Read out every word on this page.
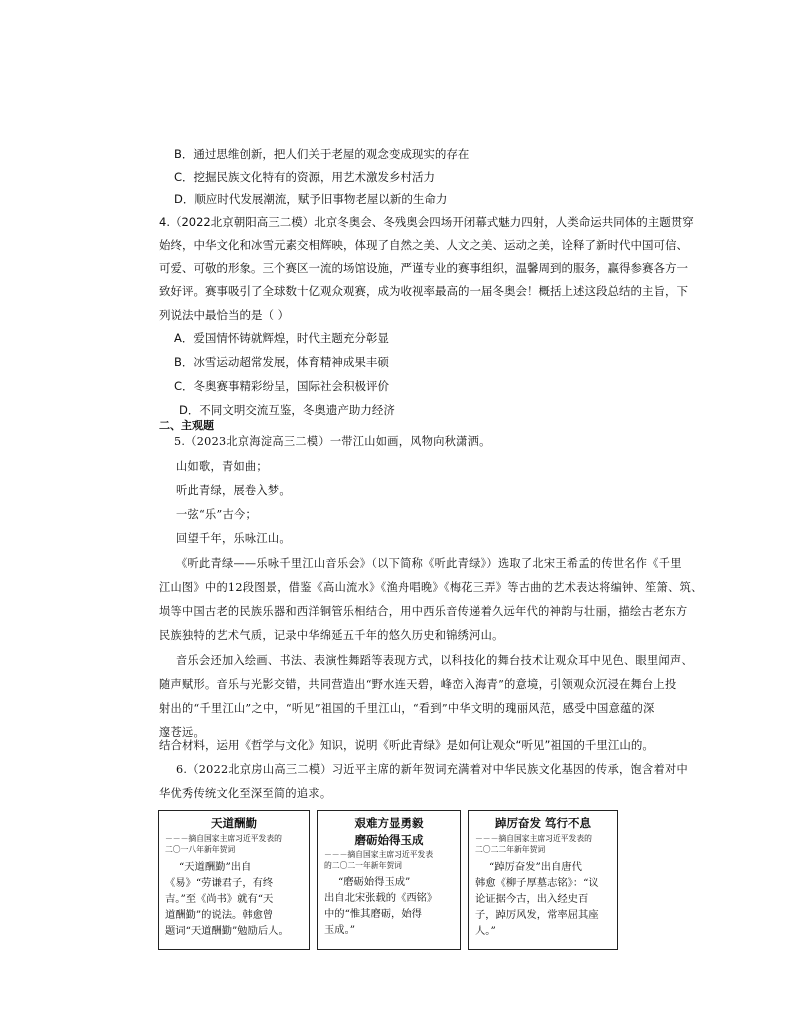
B．通过思维创新，把人们关于老屋的观念变成现实的存在
C．挖掘民族文化特有的资源，用艺术激发乡村活力
D．顺应时代发展潮流，赋予旧事物老屋以新的生命力
4.（2022北京朝阳高三二模）北京冬奥会、冬残奥会四场开闭幕式魅力四射，人类命运共同体的主题贯穿
始终，中华文化和冰雪元素交相辉映，体现了自然之美、人文之美、运动之美，诠释了新时代中国可信、
可爱、可敬的形象。三个赛区一流的场馆设施，严谨专业的赛事组织，温馨周到的服务，赢得参赛各方一
致好评。赛事吸引了全球数十亿观众观赛，成为收视率最高的一届冬奥会！概括上述这段总结的主旨，下
列说法中最恰当的是（ ）
A．爱国情怀铸就辉煌，时代主题充分彰显
B．冰雪运动超常发展，体育精神成果丰硕
C．冬奥赛事精彩纷呈，国际社会积极评价
D．不同文明交流互鉴，冬奥遗产助力经济
二、主观题
5.（2023北京海淀高三二模）一带江山如画，风物向秋潇洒。
山如歌，青如曲；
听此青绿，展卷入梦。
一弦“乐”古今；
回望千年，乐咏江山。
《听此青绿——乐咏千里江山音乐会》（以下简称《听此青绿》）选取了北宋王希孟的传世名作《千里
江山图》中的12段图景，借鉴《高山流水》《渔舟唱晚》《梅花三弄》等古曲的艺术表达将编钟、笙箫、筑、
埙等中国古老的民族乐器和西洋铜管乐相结合，用中西乐音传递着久远年代的神韵与壮丽，描绘古老东方
民族独特的艺术气质，记录中华绵延五千年的悠久历史和锦绣河山。
音乐会还加入绘画、书法、表演性舞蹈等表现方式，以科技化的舞台技术让观众耳中见色、眼里闻声、
随声赋形。音乐与光影交错，共同营造出“野水连天碧，峰峦入海青”的意境，引领观众沉浸在舞台上投
射出的“千里江山”之中，“听见”祖国的千里江山，“看到”中华文明的瑰丽风范，感受中国意蕴的深
邃苍远。
结合材料，运用《哲学与文化》知识，说明《听此青绿》是如何让观众“听见”祖国的千里江山的。
6.（2022北京房山高三二模）习近平主席的新年贺词充满着对中华民族文化基因的传承，饱含着对中
华优秀传统文化至深至简的追求。
天道酬勤
－－－摘自国家主席习近平发表的
二〇一八年新年贺词
“天道酬勤”出自
《易》“劳谦君子，有终
吉。”至《尚书》就有“天
道酬勤”的说法。韩愈曾
题词“天道酬勤”勉励后人。
艰难方显勇毅
磨砺始得玉成
－－－摘自国家主席习近平发表
的二〇二一年新年贺词
“磨砺始得玉成”
出自北宋张载的《西铭》
中的“惟其磨砺，始得
玉成。”
踔厉奋发 笃行不息
－－－摘自国家主席习近平发表的
二〇二二年新年贺词
“踔厉奋发”出自唐代
韩愈《柳子厚墓志铭》：“议
论证据今古，出入经史百
子，踔厉风发，常率屈其座
人。”
